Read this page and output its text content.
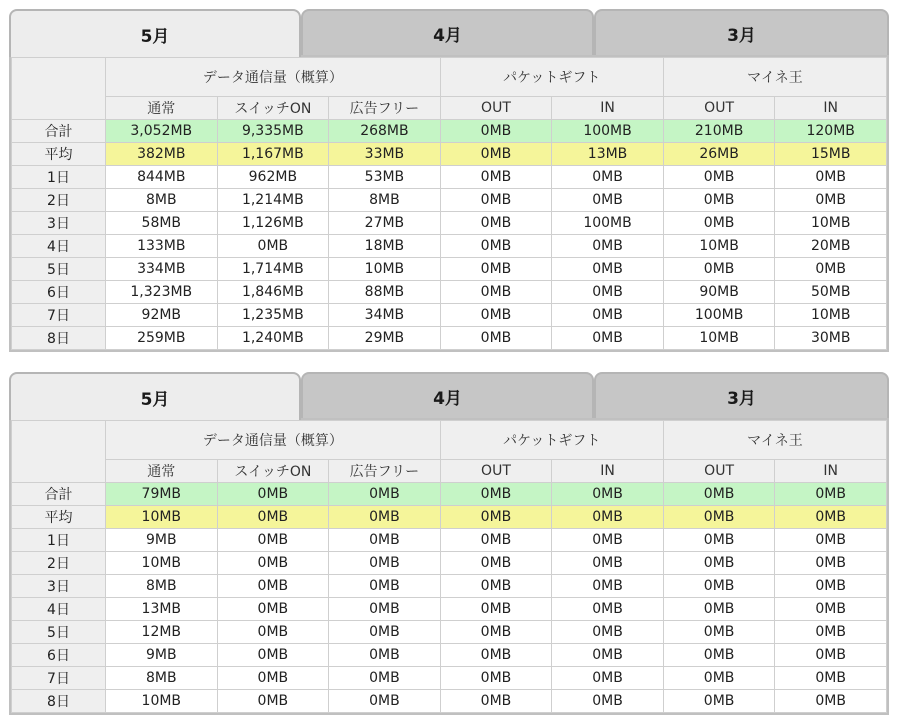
5月	4月	3月
	データ通信量（概算）			パケットギフト		マイネ王	
	通常	スイッチON	広告フリー	OUT	IN	OUT	IN
合計	3,052MB	9,335MB	268MB	0MB	100MB	210MB	120MB
平均	382MB	1,167MB	33MB	0MB	13MB	26MB	15MB
1日	844MB	962MB	53MB	0MB	0MB	0MB	0MB
2日	8MB	1,214MB	8MB	0MB	0MB	0MB	0MB
3日	58MB	1,126MB	27MB	0MB	100MB	0MB	10MB
4日	133MB	0MB	18MB	0MB	0MB	10MB	20MB
5日	334MB	1,714MB	10MB	0MB	0MB	0MB	0MB
6日	1,323MB	1,846MB	88MB	0MB	0MB	90MB	50MB
7日	92MB	1,235MB	34MB	0MB	0MB	100MB	10MB
8日	259MB	1,240MB	29MB	0MB	0MB	10MB	30MB
5月	4月	3月
	データ通信量（概算）			パケットギフト		マイネ王	
	通常	スイッチON	広告フリー	OUT	IN	OUT	IN
合計	79MB	0MB	0MB	0MB	0MB	0MB	0MB
平均	10MB	0MB	0MB	0MB	0MB	0MB	0MB
1日	9MB	0MB	0MB	0MB	0MB	0MB	0MB
2日	10MB	0MB	0MB	0MB	0MB	0MB	0MB
3日	8MB	0MB	0MB	0MB	0MB	0MB	0MB
4日	13MB	0MB	0MB	0MB	0MB	0MB	0MB
5日	12MB	0MB	0MB	0MB	0MB	0MB	0MB
6日	9MB	0MB	0MB	0MB	0MB	0MB	0MB
7日	8MB	0MB	0MB	0MB	0MB	0MB	0MB
8日	10MB	0MB	0MB	0MB	0MB	0MB	0MB
